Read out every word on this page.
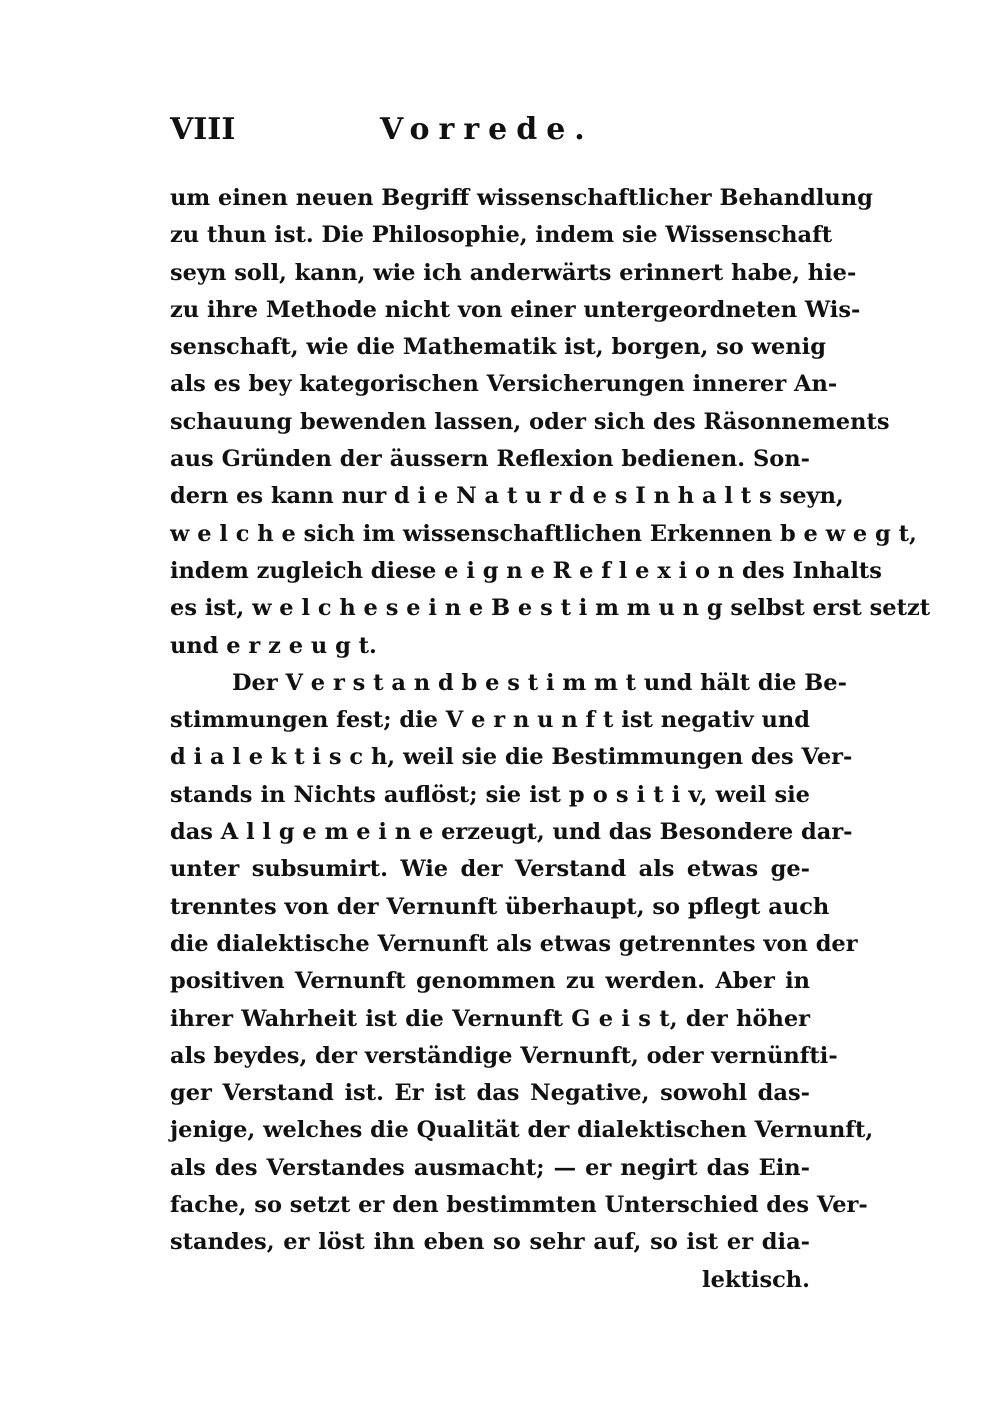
VIII	Vorrede.
um einen neuen Begriff wissenschaftlicher Behandlung
zu thun ist. Die Philosophie, indem sie Wissenschaft
seyn soll, kann, wie ich anderwärts erinnert habe, hie-
zu ihre Methode nicht von einer untergeordneten Wis-
senschaft, wie die Mathematik ist, borgen, so wenig
als es bey kategorischen Versicherungen innerer An-
schauung bewenden lassen, oder sich des Räsonnements
aus Gründen der äussern Reflexion bedienen. Son-
dern es kann nur d i e N a t u r d e s I n h a l t s seyn,
w e l c h e sich im wissenschaftlichen Erkennen b e w e g t,
indem zugleich diese e i g n e R e f l e x i o n des Inhalts
es ist, w e l c h e s e i n e B e s t i m m u n g selbst erst setzt
und e r z e u g t.
Der V e r s t a n d b e s t i m m t und hält die Be-
stimmungen fest; die V e r n u n f t ist negativ und
d i a l e k t i s c h, weil sie die Bestimmungen des Ver-
stands in Nichts auflöst; sie ist p o s i t i v, weil sie
das A l l g e m e i n e erzeugt, und das Besondere dar-
unter subsumirt. Wie der Verstand als etwas ge-
trenntes von der Vernunft überhaupt, so pflegt auch
die dialektische Vernunft als etwas getrenntes von der
positiven Vernunft genommen zu werden. Aber in
ihrer Wahrheit ist die Vernunft G e i s t, der höher
als beydes, der verständige Vernunft, oder vernünfti-
ger Verstand ist. Er ist das Negative, sowohl das-
jenige, welches die Qualität der dialektischen Vernunft,
als des Verstandes ausmacht; — er negirt das Ein-
fache, so setzt er den bestimmten Unterschied des Ver-
standes, er löst ihn eben so sehr auf, so ist er dia-
lektisch.
